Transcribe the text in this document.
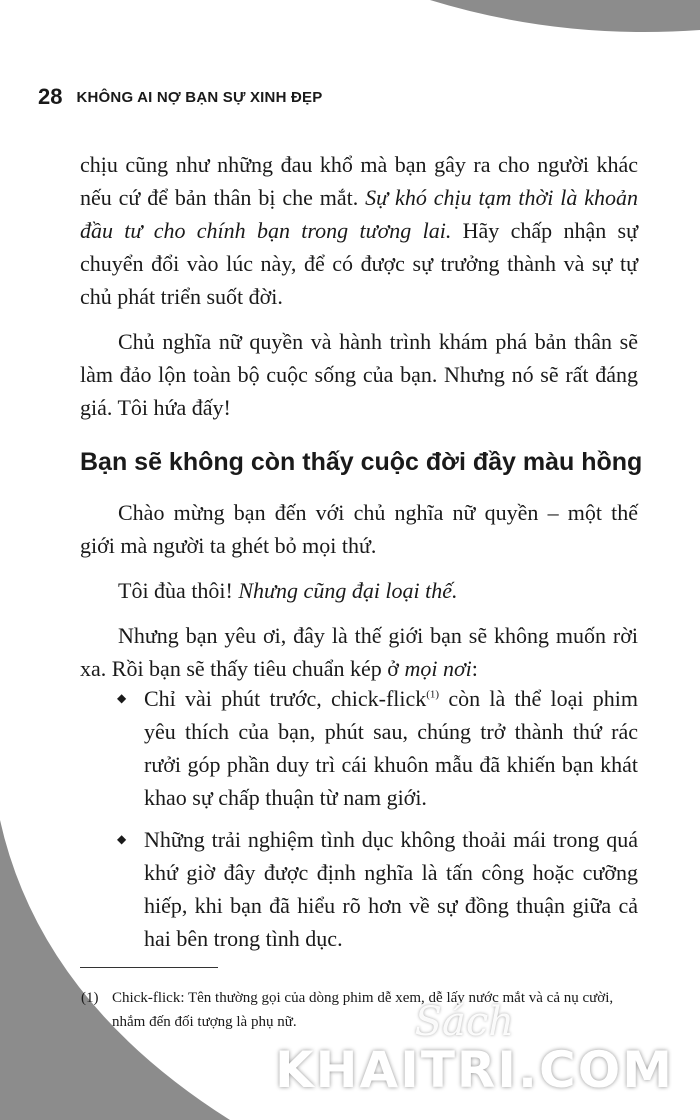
28 KHÔNG AI NỢ BẠN SỰ XINH ĐẸP

chịu cũng như những đau khổ mà bạn gây ra cho người khác nếu cứ để bản thân bị che mắt. Sự khó chịu tạm thời là khoản đầu tư cho chính bạn trong tương lai. Hãy chấp nhận sự chuyển đổi vào lúc này, để có được sự trưởng thành và sự tự chủ phát triển suốt đời.

Chủ nghĩa nữ quyền và hành trình khám phá bản thân sẽ làm đảo lộn toàn bộ cuộc sống của bạn. Nhưng nó sẽ rất đáng giá. Tôi hứa đấy!

Bạn sẽ không còn thấy cuộc đời đầy màu hồng

Chào mừng bạn đến với chủ nghĩa nữ quyền – một thế giới mà người ta ghét bỏ mọi thứ.

Tôi đùa thôi! Nhưng cũng đại loại thế.

Nhưng bạn yêu ơi, đây là thế giới bạn sẽ không muốn rời xa. Rồi bạn sẽ thấy tiêu chuẩn kép ở mọi nơi:

◆ Chỉ vài phút trước, chick-flick$^{(1)}$ còn là thể loại phim yêu thích của bạn, phút sau, chúng trở thành thứ rác rưởi góp phần duy trì cái khuôn mẫu đã khiến bạn khát khao sự chấp thuận từ nam giới.
◆ Những trải nghiệm tình dục không thoải mái trong quá khứ giờ đây được định nghĩa là tấn công hoặc cưỡng hiếp, khi bạn đã hiểu rõ hơn về sự đồng thuận giữa cả hai bên trong tình dục.
(1) Chick-flick: Tên thường gọi của dòng phim dễ xem, dễ lấy nước mắt và cả nụ cười, nhắm đến đối tượng là phụ nữ.	Sách
KHAITRI.COM
